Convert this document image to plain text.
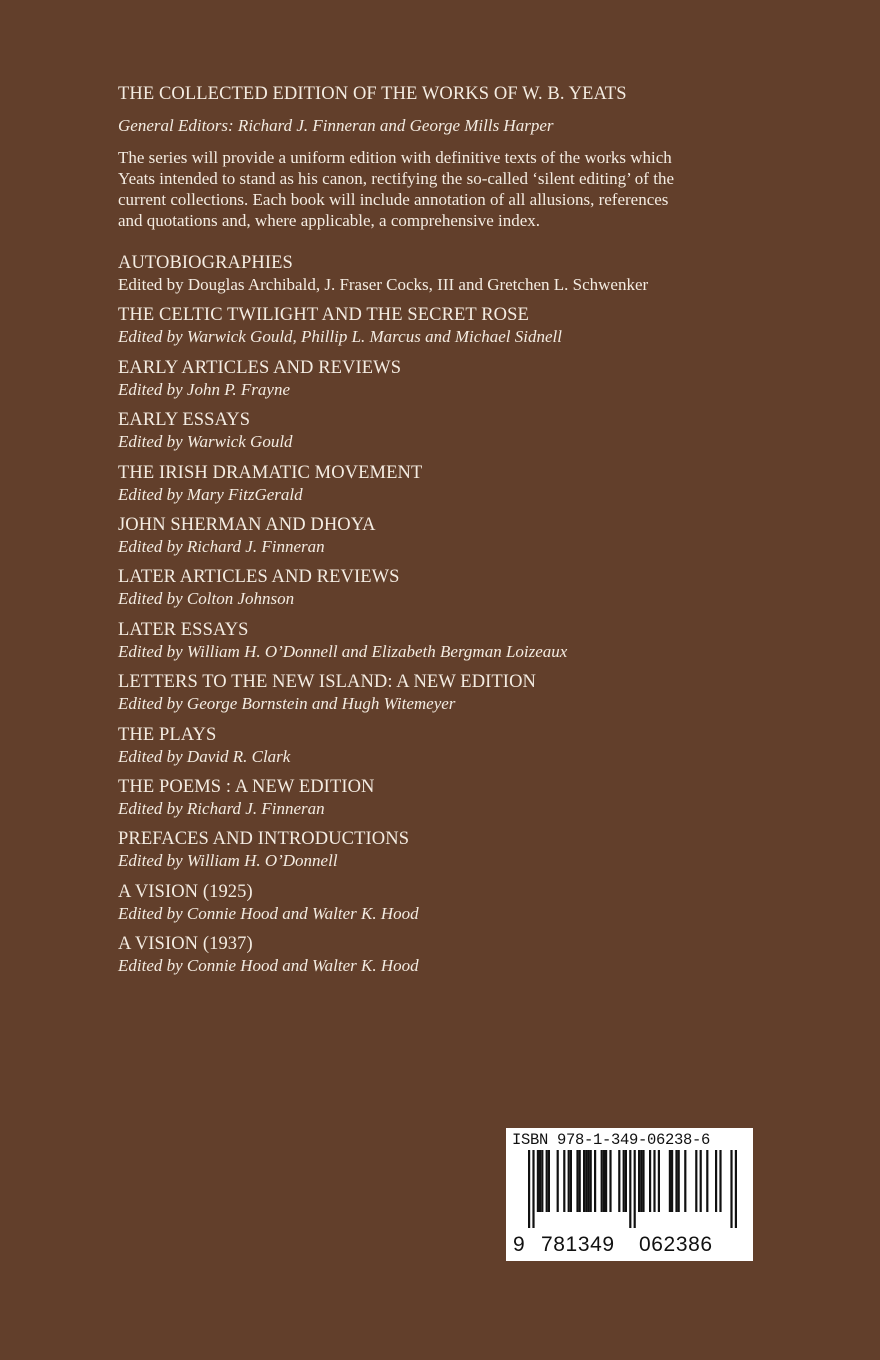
THE COLLECTED EDITION OF THE WORKS OF W. B. YEATS
General Editors: Richard J. Finneran and George Mills Harper
The series will provide a uniform edition with definitive texts of the works which
Yeats intended to stand as his canon, rectifying the so-called ‘silent editing’ of the
current collections. Each book will include annotation of all allusions, references
and quotations and, where applicable, a comprehensive index.
AUTOBIOGRAPHIES
Edited by Douglas Archibald, J. Fraser Cocks, III and Gretchen L. Schwenker
THE CELTIC TWILIGHT AND THE SECRET ROSE
Edited by Warwick Gould, Phillip L. Marcus and Michael Sidnell
EARLY ARTICLES AND REVIEWS
Edited by John P. Frayne
EARLY ESSAYS
Edited by Warwick Gould
THE IRISH DRAMATIC MOVEMENT
Edited by Mary FitzGerald
JOHN SHERMAN AND DHOYA
Edited by Richard J. Finneran
LATER ARTICLES AND REVIEWS
Edited by Colton Johnson
LATER ESSAYS
Edited by William H. O’Donnell and Elizabeth Bergman Loizeaux
LETTERS TO THE NEW ISLAND: A NEW EDITION
Edited by George Bornstein and Hugh Witemeyer
THE PLAYS
Edited by David R. Clark
THE POEMS : A NEW EDITION
Edited by Richard J. Finneran
PREFACES AND INTRODUCTIONS
Edited by William H. O’Donnell
A VISION (1925)
Edited by Connie Hood and Walter K. Hood
A VISION (1937)
Edited by Connie Hood and Walter K. Hood
ISBN 978-1-349-06238-6
9 781349 062386
